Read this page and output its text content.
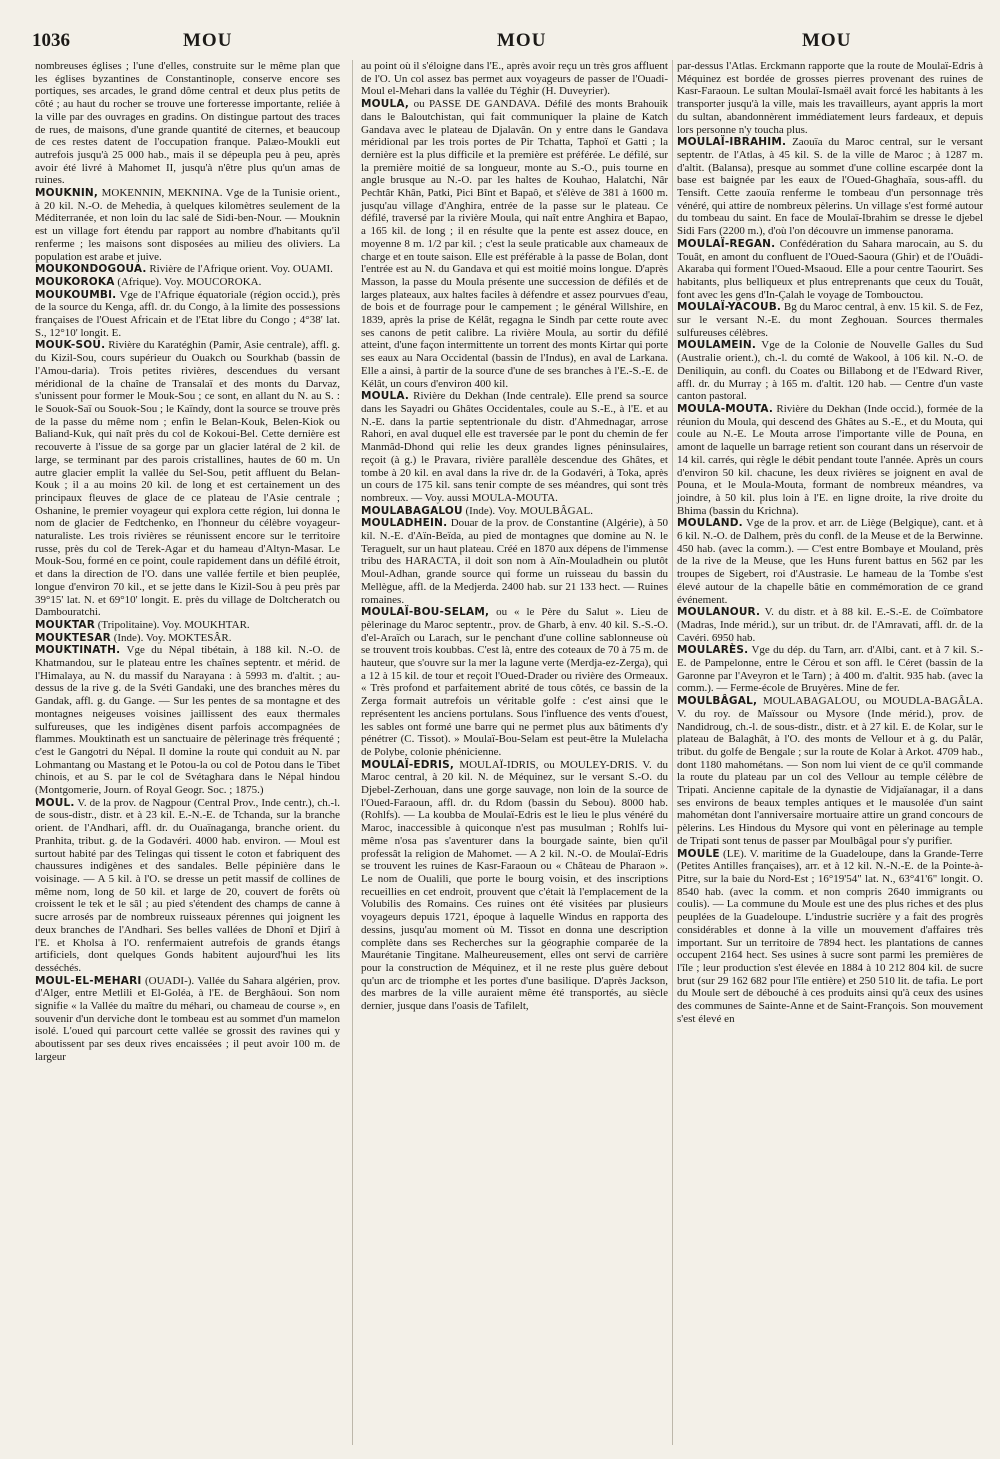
1036	MOU	MOU	MOU

nombreuses églises ; l'une d'elles, construite sur le même plan que les églises byzantines de Constantinople, conserve encore ses portiques, ses arcades, le grand dôme central et deux plus petits de côté ; au haut du rocher se trouve une forteresse importante, reliée à la ville par des ouvrages en gradins. On distingue partout des traces de rues, de maisons, d'une grande quantité de citernes, et beaucoup de ces restes datent de l'occupation franque. Palæo-Moukli eut autrefois jusqu'à 25 000 hab., mais il se dépeupla peu à peu, après avoir été livré à Mahomet II, jusqu'à n'être plus qu'un amas de ruines.

MOUKNIN, MOKENNIN, MEKNINA. Vge de la Tunisie orient., à 20 kil. N.-O. de Mehedia, à quelques kilomètres seulement de la Méditerranée, et non loin du lac salé de Sidi-ben-Nour. — Mouknin est un village fort étendu par rapport au nombre d'habitants qu'il renferme ; les maisons sont disposées au milieu des oliviers. La population est arabe et juive.

MOUKONDOGOUA. Rivière de l'Afrique orient. Voy. OUAMI.

MOUKOROKA (Afrique). Voy. MOUCOROKA.

MOUKOUMBI. Vge de l'Afrique équatoriale (région occid.), près de la source du Kenga, affl. dr. du Congo, à la limite des possessions françaises de l'Ouest Africain et de l'Etat libre du Congo ; 4°38' lat. S., 12°10' longit. E.

MOUK-SOU. Rivière du Karatéghin (Pamir, Asie centrale), affl. g. du Kizil-Sou, cours supérieur du Ouakch ou Sourkhab (bassin de l'Amou-daria). Trois petites rivières, descendues du versant méridional de la chaîne de Transalaï et des monts du Darvaz, s'unissent pour former le Mouk-Sou ; ce sont, en allant du N. au S. : le Souok-Saï ou Souok-Sou ; le Kaïndy, dont la source se trouve près de la passe du même nom ; enfin le Belan-Kouk, Belen-Kiok ou Baliand-Kuk, qui naît près du col de Kokoui-Bel. Cette dernière est recouverte à l'issue de sa gorge par un glacier latéral de 2 kil. de large, se terminant par des parois cristallines, hautes de 60 m. Un autre glacier emplit la vallée du Sel-Sou, petit affluent du Belan-Kouk ; il a au moins 20 kil. de long et est certainement un des principaux fleuves de glace de ce plateau de l'Asie centrale ; Oshanine, le premier voyageur qui explora cette région, lui donna le nom de glacier de Fedtchenko, en l'honneur du célèbre voyageur-naturaliste. Les trois rivières se réunissent encore sur le territoire russe, près du col de Terek-Agar et du hameau d'Altyn-Masar. Le Mouk-Sou, formé en ce point, coule rapidement dans un défilé étroit, et dans la direction de l'O. dans une vallée fertile et bien peuplée, longue d'environ 70 kil., et se jette dans le Kizil-Sou à peu près par 39°15' lat. N. et 69°10' longit. E. près du village de Doltcheratch ou Dambouratchi.

MOUKTAR (Tripolitaine). Voy. MOUKHTAR.

MOUKTESAR (Inde). Voy. MOKTESÂR.

MOUKTINATH. Vge du Népal tibétain, à 188 kil. N.-O. de Khatmandou, sur le plateau entre les chaînes septentr. et mérid. de l'Himalaya, au N. du massif du Narayana : à 5993 m. d'altit. ; au-dessus de la rive g. de la Svéti Gandaki, une des branches mères du Gandak, affl. g. du Gange. — Sur les pentes de sa montagne et des montagnes neigeuses voisines jaillissent des eaux thermales sulfureuses, que les indigènes disent parfois accompagnées de flammes. Mouktinath est un sanctuaire de pèlerinage très fréquenté ; c'est le Gangotri du Népal. Il domine la route qui conduit au N. par Lohmantang ou Mastang et le Potou-la ou col de Potou dans le Tibet chinois, et au S. par le col de Svétaghara dans le Népal hindou (Montgomerie, Journ. of Royal Geogr. Soc. ; 1875.)

MOUL. V. de la prov. de Nagpour (Central Prov., Inde centr.), ch.-l. de sous-distr., distr. et à 23 kil. E.-N.-E. de Tchanda, sur la branche orient. de l'Andhari, affl. dr. du Ouaïnaganga, branche orient. du Pranhita, tribut. g. de la Godavéri. 4000 hab. environ. — Moul est surtout habité par des Telingas qui tissent le coton et fabriquent des chaussures indigènes et des sandales. Belle pépinière dans le voisinage. — A 5 kil. à l'O. se dresse un petit massif de collines de même nom, long de 50 kil. et large de 20, couvert de forêts où croissent le tek et le sâl ; au pied s'étendent des champs de canne à sucre arrosés par de nombreux ruisseaux pérennes qui joignent les deux branches de l'Andhari. Ses belles vallées de Dhonî et Djirî à l'E. et Kholsa à l'O. renfermaient autrefois de grands étangs artificiels, dont quelques Gonds habitent aujourd'hui les lits desséchés.

MOUL-EL-MEHARI (OUADI-). Vallée du Sahara algérien, prov. d'Alger, entre Metlili et El-Goléa, à l'E. de Berghâoui. Son nom signifie « la Vallée du maître du méhari, ou chameau de course », en souvenir d'un derviche dont le tombeau est au sommet d'un mamelon isolé. L'oued qui parcourt cette vallée se grossit des ravines qui y aboutissent par ses deux rives encaissées ; il peut avoir 100 m. de largeur

au point où il s'éloigne dans l'E., après avoir reçu un très gros affluent de l'O. Un col assez bas permet aux voyageurs de passer de l'Ouadi-Moul el-Mehari dans la vallée du Téghir (H. Duveyrier).

MOULA, ou PASSE DE GANDAVA. Défilé des monts Brahouik dans le Baloutchistan, qui fait communiquer la plaine de Katch Gandava avec le plateau de Djalavân. On y entre dans le Gandava méridional par les trois portes de Pir Tchatta, Taphoï et Gatti ; la dernière est la plus difficile et la première est préférée. Le défilé, sur la première moitié de sa longueur, monte au S.-O., puis tourne en angle brusque au N.-O. par les haltes de Kouhao, Halatchi, Nâr Pechtâr Khân, Patki, Pici Bînt et Bapaô, et s'élève de 381 à 1600 m. jusqu'au village d'Anghira, entrée de la passe sur le plateau. Ce défilé, traversé par la rivière Moula, qui naît entre Anghira et Bapao, a 165 kil. de long ; il en résulte que la pente est assez douce, en moyenne 8 m. 1/2 par kil. ; c'est la seule praticable aux chameaux de charge et en toute saison. Elle est préférable à la passe de Bolan, dont l'entrée est au N. du Gandava et qui est moitié moins longue. D'après Masson, la passe du Moula présente une succession de défilés et de larges plateaux, aux haltes faciles à défendre et assez pourvues d'eau, de bois et de fourrage pour le campement ; le général Willshire, en 1839, après la prise de Kélât, regagna le Sindh par cette route avec ses canons de petit calibre. La rivière Moula, au sortir du défilé atteint, d'une façon intermittente un torrent des monts Kirtar qui porte ses eaux au Nara Occidental (bassin de l'Indus), en aval de Larkana. Elle a ainsi, à partir de la source d'une de ses branches à l'E.-S.-E. de Kélât, un cours d'environ 400 kil.

MOULA. Rivière du Dekhan (Inde centrale). Elle prend sa source dans les Sayadri ou Ghâtes Occidentales, coule au S.-E., à l'E. et au N.-E. dans la partie septentrionale du distr. d'Ahmednagar, arrose Rahori, en aval duquel elle est traversée par le pont du chemin de fer Manmâd-Dhond qui relie les deux grandes lignes péninsulaires, reçoit (à g.) le Pravara, rivière parallèle descendue des Ghâtes, et tombe à 20 kil. en aval dans la rive dr. de la Godavéri, à Toka, après un cours de 175 kil. sans tenir compte de ses méandres, qui sont très nombreux. — Voy. aussi MOULA-MOUTA.

MOULABAGALOU (Inde). Voy. MOULBÂGAL.

MOULADHEIN. Douar de la prov. de Constantine (Algérie), à 50 kil. N.-E. d'Aïn-Beïda, au pied de montagnes que domine au N. le Teraguelt, sur un haut plateau. Créé en 1870 aux dépens de l'immense tribu des HARACTA, il doit son nom à Aïn-Mouladhein ou plutôt Moul-Adhan, grande source qui forme un ruisseau du bassin du Mellègue, affl. de la Medjerda. 2400 hab. sur 21 133 hect. — Ruines romaines.

MOULAÏ-BOU-SELAM, ou « le Père du Salut ». Lieu de pèlerinage du Maroc septentr., prov. de Gharb, à env. 40 kil. S.-S.-O. d'el-Araïch ou Larach, sur le penchant d'une colline sablonneuse où se trouvent trois koubbas. C'est là, entre des coteaux de 70 à 75 m. de hauteur, que s'ouvre sur la mer la lagune verte (Merdja-ez-Zerga), qui a 12 à 15 kil. de tour et reçoit l'Oued-Drader ou rivière des Ormeaux. « Très profond et parfaitement abrité de tous côtés, ce bassin de la Zerga formait autrefois un véritable golfe : c'est ainsi que le représentent les anciens portulans. Sous l'influence des vents d'ouest, les sables ont formé une barre qui ne permet plus aux bâtiments d'y pénétrer (C. Tissot). » Moulaï-Bou-Selam est peut-être la Mulelacha de Polybe, colonie phénicienne.

MOULAÏ-EDRIS, MOULAÏ-IDRIS, ou MOULEY-DRIS. V. du Maroc central, à 20 kil. N. de Méquinez, sur le versant S.-O. du Djebel-Zerhouan, dans une gorge sauvage, non loin de la source de l'Oued-Faraoun, affl. dr. du Rdom (bassin du Sebou). 8000 hab. (Rohlfs). — La koubba de Moulaï-Edris est le lieu le plus vénéré du Maroc, inaccessible à quiconque n'est pas musulman ; Rohlfs lui-même n'osa pas s'aventurer dans la bourgade sainte, bien qu'il professât la religion de Mahomet. — A 2 kil. N.-O. de Moulaï-Edris se trouvent les ruines de Kasr-Faraoun ou « Château de Pharaon ». Le nom de Oualili, que porte le bourg voisin, et des inscriptions recueillies en cet endroit, prouvent que c'était là l'emplacement de la Volubilis des Romains. Ces ruines ont été visitées par plusieurs voyageurs depuis 1721, époque à laquelle Windus en rapporta des dessins, jusqu'au moment où M. Tissot en donna une description complète dans ses Recherches sur la géographie comparée de la Maurétanie Tingitane. Malheureusement, elles ont servi de carrière pour la construction de Méquinez, et il ne reste plus guère debout qu'un arc de triomphe et les portes d'une basilique. D'après Jackson, des marbres de la ville auraient même été transportés, au siècle dernier, jusque dans l'oasis de Tafilelt,

par-dessus l'Atlas. Erckmann rapporte que la route de Moulaï-Edris à Méquinez est bordée de grosses pierres provenant des ruines de Kasr-Faraoun. Le sultan Moulaï-Ismaël avait forcé les habitants à les transporter jusqu'à la ville, mais les travailleurs, ayant appris la mort du sultan, abandonnèrent immédiatement leurs fardeaux, et depuis lors personne n'y toucha plus.

MOULAÏ-IBRAHIM. Zaouïa du Maroc central, sur le versant septentr. de l'Atlas, à 45 kil. S. de la ville de Maroc ; à 1287 m. d'altit. (Balansa), presque au sommet d'une colline escarpée dont la base est baignée par les eaux de l'Oued-Ghaghaïa, sous-affl. du Tensift. Cette zaouïa renferme le tombeau d'un personnage très vénéré, qui attire de nombreux pèlerins. Un village s'est formé autour du tombeau du saint. En face de Moulaï-Ibrahim se dresse le djebel Sidi Fars (2200 m.), d'où l'on découvre un immense panorama.

MOULAÏ-REGAN. Confédération du Sahara marocain, au S. du Touât, en amont du confluent de l'Oued-Saoura (Ghir) et de l'Ouâdi-Akaraba qui forment l'Oued-Msaoud. Elle a pour centre Taourirt. Ses habitants, plus belliqueux et plus entreprenants que ceux du Touât, font avec les gens d'In-Çalah le voyage de Tombouctou.

MOULAÏ-YACOUB. Bg du Maroc central, à env. 15 kil. S. de Fez, sur le versant N.-E. du mont Zeghouan. Sources thermales sulfureuses célèbres.

MOULAMEIN. Vge de la Colonie de Nouvelle Galles du Sud (Australie orient.), ch.-l. du comté de Wakool, à 106 kil. N.-O. de Deniliquin, au confl. du Coates ou Billabong et de l'Edward River, affl. dr. du Murray ; à 165 m. d'altit. 120 hab. — Centre d'un vaste canton pastoral.

MOULA-MOUTA. Rivière du Dekhan (Inde occid.), formée de la réunion du Moula, qui descend des Ghâtes au S.-E., et du Mouta, qui coule au N.-E. Le Mouta arrose l'importante ville de Pouna, en amont de laquelle un barrage retient son courant dans un réservoir de 14 kil. carrés, qui règle le débit pendant toute l'année. Après un cours d'environ 50 kil. chacune, les deux rivières se joignent en aval de Pouna, et le Moula-Mouta, formant de nombreux méandres, va joindre, à 50 kil. plus loin à l'E. en ligne droite, la rive droite du Bhima (bassin du Krichna).

MOULAND. Vge de la prov. et arr. de Liège (Belgique), cant. et à 6 kil. N.-O. de Dalhem, près du confl. de la Meuse et de la Berwinne. 450 hab. (avec la comm.). — C'est entre Bombaye et Mouland, près de la rive de la Meuse, que les Huns furent battus en 562 par les troupes de Sigebert, roi d'Austrasie. Le hameau de la Tombe s'est élevé autour de la chapelle bâtie en commémoration de ce grand événement.

MOULANOUR. V. du distr. et à 88 kil. E.-S.-E. de Coïmbatore (Madras, Inde mérid.), sur un tribut. dr. de l'Amravati, affl. dr. de la Cavéri. 6950 hab.

MOULARÈS. Vge du dép. du Tarn, arr. d'Albi, cant. et à 7 kil. S.-E. de Pampelonne, entre le Cérou et son affl. le Céret (bassin de la Garonne par l'Aveyron et le Tarn) ; à 400 m. d'altit. 935 hab. (avec la comm.). — Ferme-école de Bruyères. Mine de fer.

MOULBÂGAL, MOULABAGALOU, ou MOUDLA-BAGÂLA. V. du roy. de Maïssour ou Mysore (Inde mérid.), prov. de Nandidroug, ch.-l. de sous-distr., distr. et à 27 kil. E. de Kolar, sur le plateau de Balaghât, à l'O. des monts de Vellour et à g. du Palâr, tribut. du golfe de Bengale ; sur la route de Kolar à Arkot. 4709 hab., dont 1180 mahométans. — Son nom lui vient de ce qu'il commande la route du plateau par un col des Vellour au temple célèbre de Tripati. Ancienne capitale de la dynastie de Vidjaïanagar, il a dans ses environs de beaux temples antiques et le mausolée d'un saint mahométan dont l'anniversaire mortuaire attire un grand concours de pèlerins. Les Hindous du Mysore qui vont en pèlerinage au temple de Tripati sont tenus de passer par Moulbâgal pour s'y purifier.

MOULE (LE). V. maritime de la Guadeloupe, dans la Grande-Terre (Petites Antilles françaises), arr. et à 12 kil. N.-N.-E. de la Pointe-à-Pitre, sur la baie du Nord-Est ; 16°19'54" lat. N., 63°41'6" longit. O. 8540 hab. (avec la comm. et non compris 2640 immigrants ou coulis). — La commune du Moule est une des plus riches et des plus peuplées de la Guadeloupe. L'industrie sucrière y a fait des progrès considérables et donne à la ville un mouvement d'affaires très important. Sur un territoire de 7894 hect. les plantations de cannes occupent 2164 hect. Ses usines à sucre sont parmi les premières de l'île ; leur production s'est élevée en 1884 à 10 212 804 kil. de sucre brut (sur 29 162 682 pour l'île entière) et 250 510 lit. de tafia. Le port du Moule sert de débouché à ces produits ainsi qu'à ceux des usines des communes de Sainte-Anne et de Saint-François. Son mouvement s'est élevé en
